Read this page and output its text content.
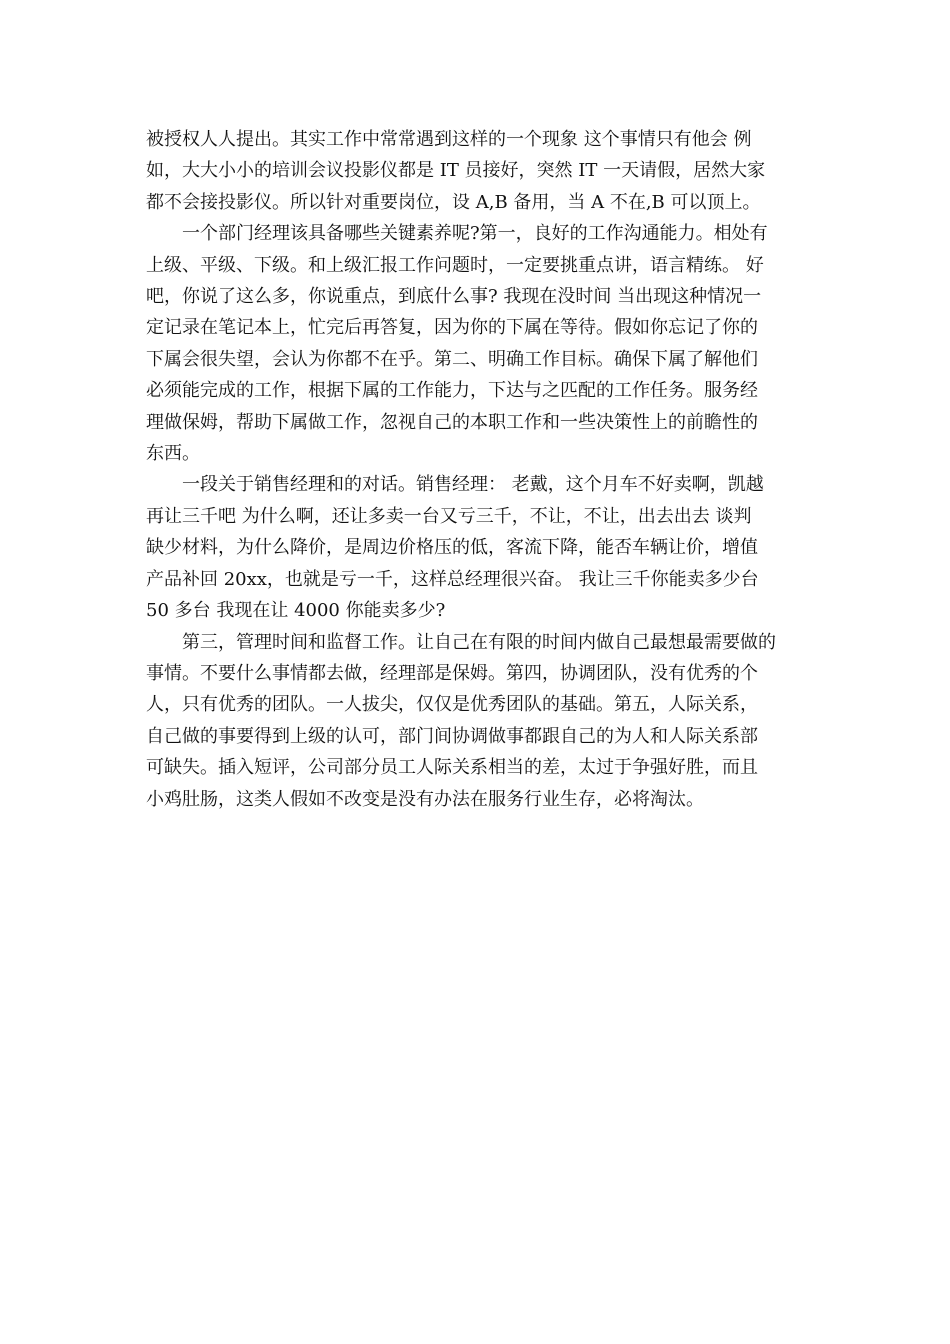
被授权人人提出。其实工作中常常遇到这样的一个现象 这个事情只有他会 例
如，大大小小的培训会议投影仪都是 IT 员接好，突然 IT 一天请假，居然大家
都不会接投影仪。所以针对重要岗位，设 A,B 备用，当 A 不在,B 可以顶上。

一个部门经理该具备哪些关键素养呢?第一，良好的工作沟通能力。相处有
上级、平级、下级。和上级汇报工作问题时，一定要挑重点讲，语言精练。 好
吧，你说了这么多，你说重点，到底什么事? 我现在没时间 当出现这种情况一
定记录在笔记本上，忙完后再答复，因为你的下属在等待。假如你忘记了你的
下属会很失望，会认为你都不在乎。第二、明确工作目标。确保下属了解他们
必须能完成的工作，根据下属的工作能力，下达与之匹配的工作任务。服务经
理做保姆，帮助下属做工作，忽视自己的本职工作和一些决策性上的前瞻性的
东西。

一段关于销售经理和的对话。销售经理： 老戴，这个月车不好卖啊，凯越
再让三千吧 为什么啊，还让多卖一台又亏三千，不让，不让，出去出去 谈判
缺少材料，为什么降价，是周边价格压的低，客流下降，能否车辆让价，增值
产品补回 20xx，也就是亏一千，这样总经理很兴奋。 我让三千你能卖多少台
50 多台 我现在让 4000 你能卖多少?

第三，管理时间和监督工作。让自己在有限的时间内做自己最想最需要做的
事情。不要什么事情都去做，经理部是保姆。第四，协调团队，没有优秀的个
人，只有优秀的团队。一人拔尖，仅仅是优秀团队的基础。第五，人际关系，
自己做的事要得到上级的认可，部门间协调做事都跟自己的为人和人际关系部
可缺失。插入短评，公司部分员工人际关系相当的差，太过于争强好胜，而且
小鸡肚肠，这类人假如不改变是没有办法在服务行业生存，必将淘汰。
